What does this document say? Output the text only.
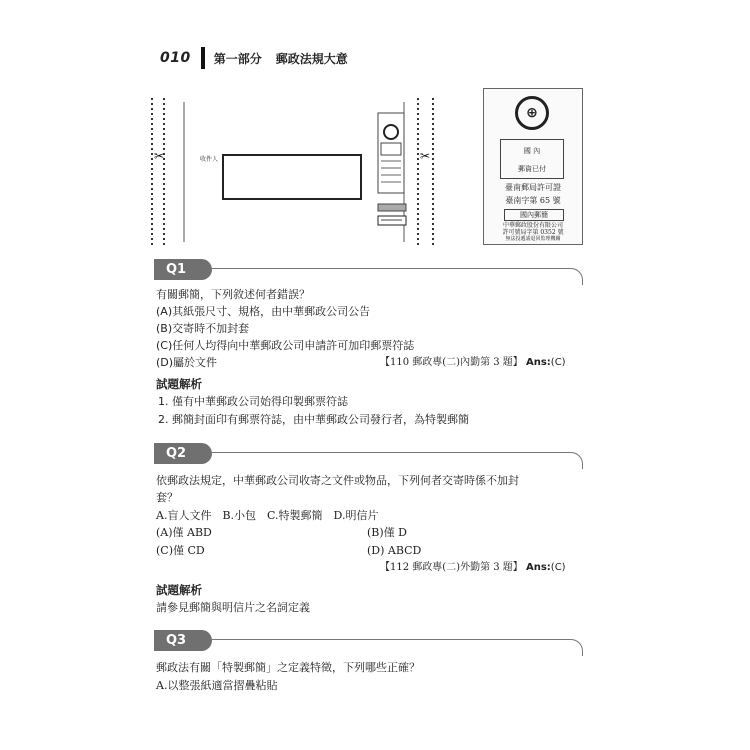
010 第一部分 郵政法規大意
✂	✂
收件人
⊕
國 內
郵資已付
臺南郵局許可證
臺南字第 65 號
國內郵簡
中華郵政股份有限公司
許可號局字第 0352 號
無法投遞請退回監理機關
Q1
有關郵簡，下列敘述何者錯誤？
(A)其紙張尺寸、規格，由中華郵政公司公告
(B)交寄時不加封套
(C)任何人均得向中華郵政公司申請許可加印郵票符誌
(D)屬於文件	【110 郵政專(二)內勤第 3 題】 Ans:(C)
試題解析
1. 僅有中華郵政公司始得印製郵票符誌
2. 郵簡封面印有郵票符誌，由中華郵政公司發行者，為特製郵簡
Q2
依郵政法規定，中華郵政公司收寄之文件或物品，下列何者交寄時係不加封
套？
A.盲人文件　B.小包　C.特製郵簡　D.明信片
(A)僅 ABD	(B)僅 D
(C)僅 CD	(D) ABCD
【112 郵政專(二)外勤第 3 題】 Ans:(C)
試題解析
請參見郵簡與明信片之名詞定義
Q3
郵政法有關「特製郵簡」之定義特徵，下列哪些正確？
A.以整張紙適當摺疊粘貼
